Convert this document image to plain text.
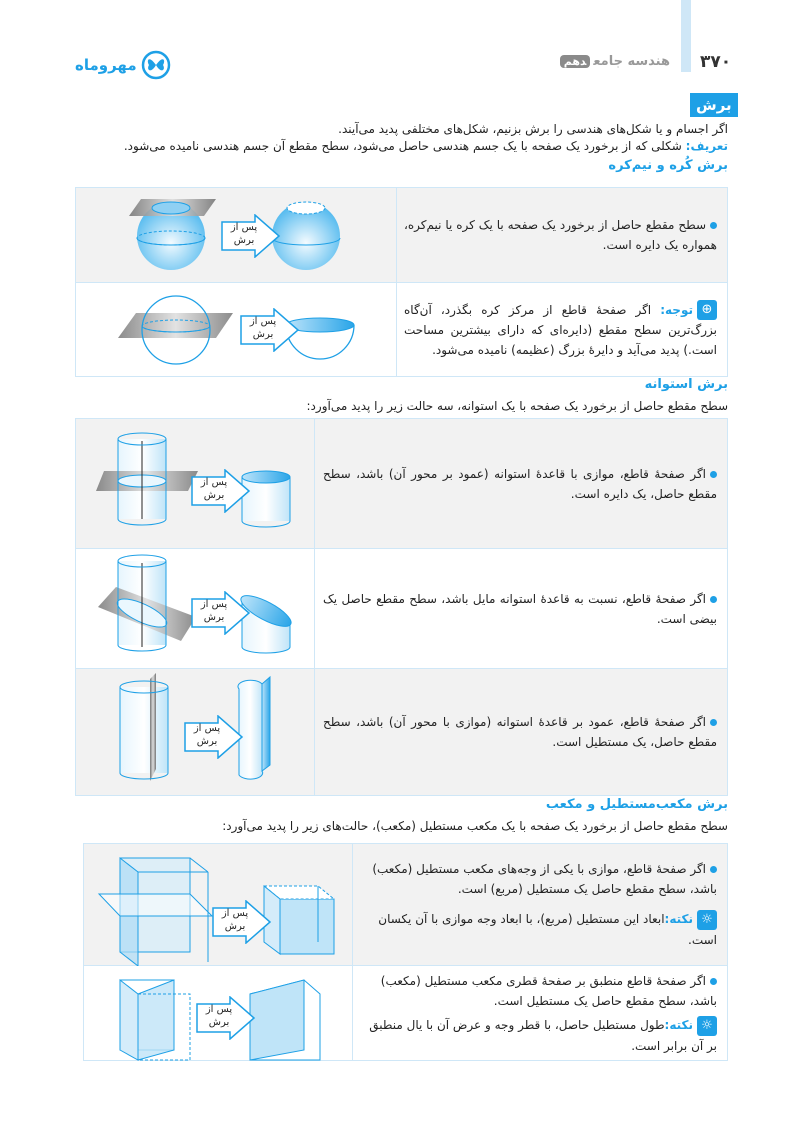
۳۷۰
هندسه جامعدهم
مهروماه
برش
اگر اجسام و یا شکل‌های هندسی را برش بزنیم، شکل‌های مختلفی پدید می‌آیند.
تعریف: شکلی که از برخورد یک صفحه با یک جسم هندسی حاصل می‌شود، سطح مقطع آن جسم هندسی نامیده می‌شود.
برش کُره و نیم‌کره
سطح مقطع حاصل از برخورد یک صفحه با یک کره یا نیم‌کره، همواره یک دایره است.
پس از
برش
⊕توجه: اگر صفحهٔ قاطع از مرکز کره بگذرد، آن‌گاه بزرگ‌ترین سطح مقطع (دایره‌ای که دارای بیشترین مساحت است.) پدید می‌آید و دایرهٔ بزرگ (عظیمه) نامیده می‌شود.
پس از
برش
برش استوانه
سطح مقطع حاصل از برخورد یک صفحه با یک استوانه، سه حالت زیر را پدید می‌آورد:
اگر صفحهٔ قاطع، موازی با قاعدهٔ استوانه (عمود بر محور آن) باشد، سطح مقطع حاصل، یک دایره است.
پس از
برش
اگر صفحهٔ قاطع، نسبت به قاعدهٔ استوانه مایل باشد، سطح مقطع حاصل یک بیضی است.
پس از
برش
اگر صفحهٔ قاطع، عمود بر قاعدهٔ استوانه (موازی با محور آن) باشد، سطح مقطع حاصل، یک مستطیل است.
پس از
برش
برش مکعب‌مستطیل و مکعب
سطح مقطع حاصل از برخورد یک صفحه با یک مکعب مستطیل (مکعب)، حالت‌های زیر را پدید می‌آورد:
اگر صفحهٔ قاطع، موازی با یکی از وجه‌های مکعب مستطیل (مکعب) باشد، سطح مقطع حاصل یک مستطیل (مربع) است.
☼نکته:ابعاد این مستطیل (مربع)، با ابعاد وجه موازی با آن یکسان است.
پس از
برش
اگر صفحهٔ قاطع منطبق بر صفحهٔ قطری مکعب مستطیل (مکعب) باشد، سطح مقطع حاصل یک مستطیل است.
☼نکته:طول مستطیل حاصل، با قطر وجه و عرض آن با یال منطبق بر آن برابر است.
پس از
برش
